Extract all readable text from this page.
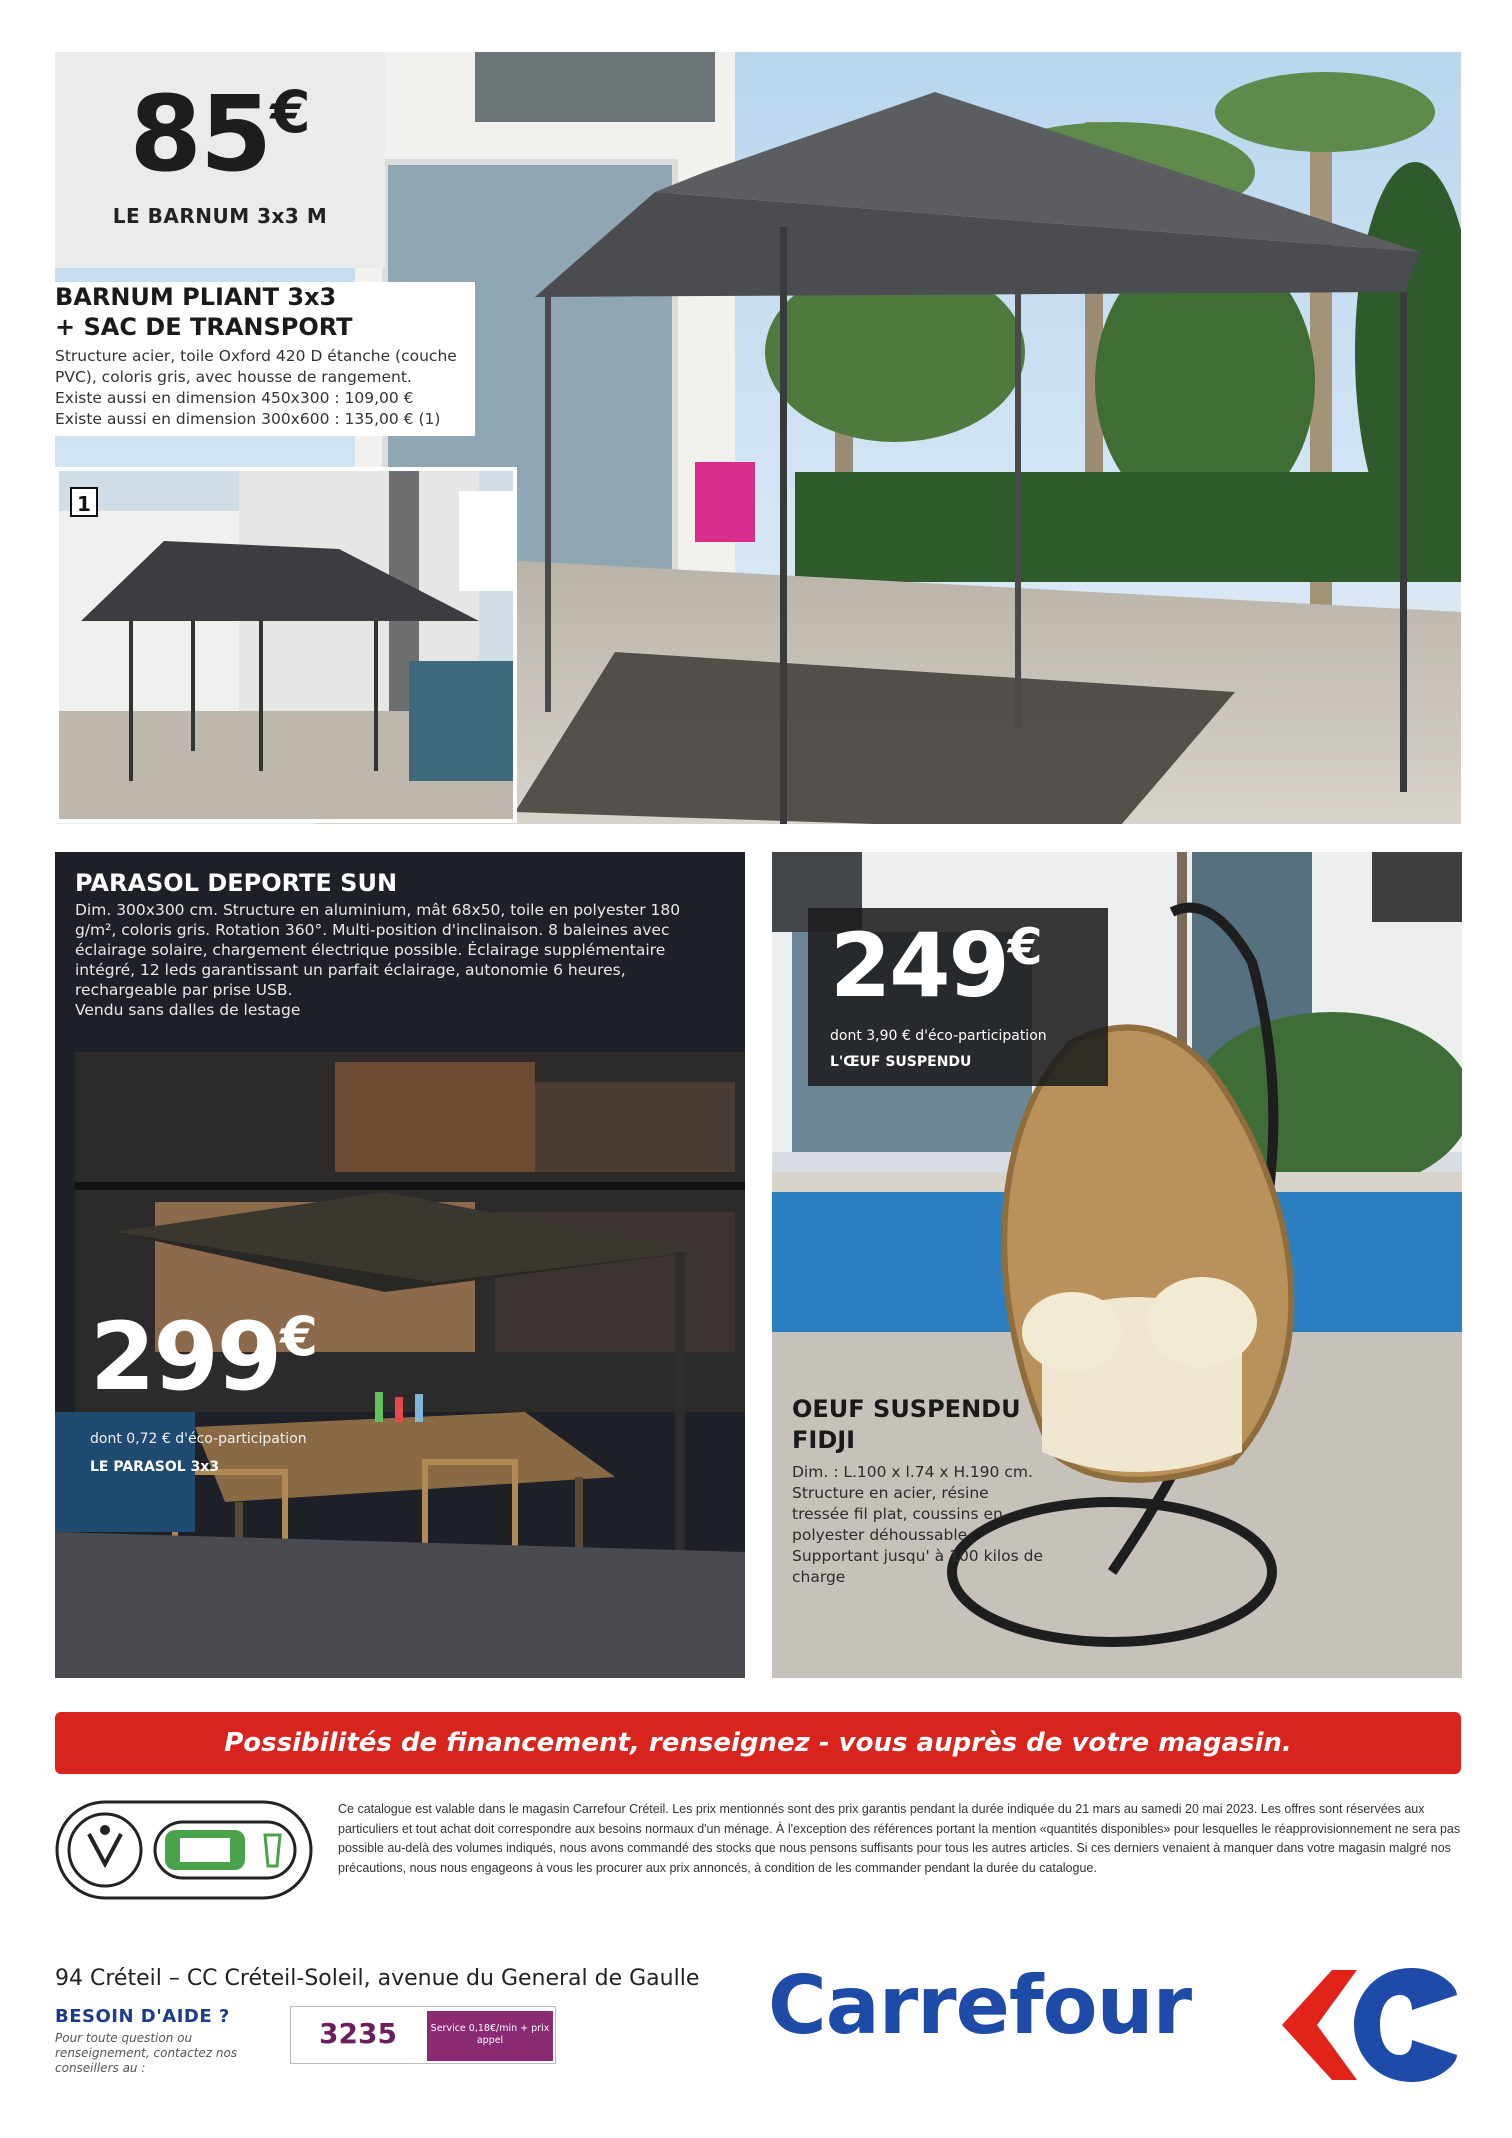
85€
LE BARNUM 3x3 M
BARNUM PLIANT 3x3
+ SAC DE TRANSPORT

Structure acier, toile Oxford 420 D étanche (couche PVC), coloris gris, avec housse de rangement.

Existe aussi en dimension 450x300 : 109,00 €
Existe aussi en dimension 300x600 : 135,00 € (1)
1
PARASOL DEPORTE SUN

Dim. 300x300 cm. Structure en aluminium, mât 68x50, toile en polyester 180 g/m², coloris gris. Rotation 360°. Multi-position d'inclinaison. 8 baleines avec éclairage solaire, chargement électrique possible. Éclairage supplémentaire intégré, 12 leds garantissant un parfait éclairage, autonomie 6 heures, rechargeable par prise USB.

Vendu sans dalles de lestage

299€
dont 0,72 € d'éco-participation
LE PARASOL 3x3
249€
dont 3,90 € d'éco-participation
L'ŒUF SUSPENDU
OEUF SUSPENDU
FIDJI

Dim. : L.100 x l.74 x H.190 cm. Structure en acier, résine tressée fil plat, coussins en polyester déhoussable. Supportant jusqu' à 100 kilos de charge

Possibilités de financement, renseignez - vous auprès de votre magasin.
Ce catalogue est valable dans le magasin Carrefour Créteil. Les prix mentionnés sont des prix garantis pendant la durée indiquée du 21 mars au samedi 20 mai 2023. Les offres sont réservées aux particuliers et tout achat doit correspondre aux besoins normaux d'un ménage. À l'exception des références portant la mention «quantités disponibles» pour lesquelles le réapprovisionnement ne sera pas possible au-delà des volumes indiqués, nous avons commandé des stocks que nous pensons suffisants pour tous les autres articles. Si ces derniers venaient à manquer dans votre magasin malgré nos précautions, nous nous engageons à vous les procurer aux prix annoncés, à condition de les commander pendant la durée du catalogue.
94 Créteil – CC Créteil-Soleil, avenue du General de Gaulle
BESOIN D'AIDE ?
Pour toute question ou renseignement, contactez nos conseillers au :
3235	Service 0,18€/min + prix appel	Carrefour
